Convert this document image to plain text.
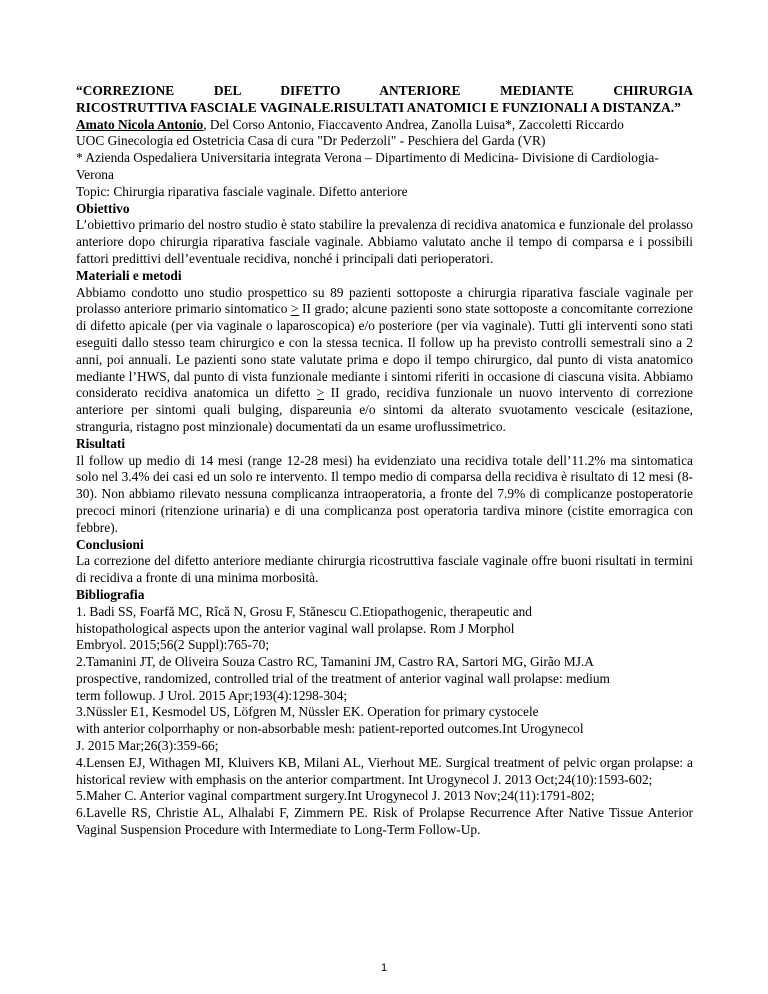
“CORREZIONE DEL DIFETTO ANTERIORE MEDIANTE CHIRURGIA
RICOSTRUTTIVA FASCIALE VAGINALE.RISULTATI ANATOMICI E FUNZIONALI A DISTANZA.”

Amato Nicola Antonio, Del Corso Antonio, Fiaccavento Andrea, Zanolla Luisa*, Zaccoletti Riccardo

UOC Ginecologia ed Ostetricia Casa di cura "Dr Pederzoli" - Peschiera del Garda (VR)

* Azienda Ospedaliera Universitaria integrata Verona – Dipartimento di Medicina- Divisione di Cardiologia- Verona

Topic: Chirurgia riparativa fasciale vaginale. Difetto anteriore

Obiettivo

L’obiettivo primario del nostro studio è stato stabilire la prevalenza di recidiva anatomica e funzionale del prolasso anteriore dopo chirurgia riparativa fasciale vaginale. Abbiamo valutato anche il tempo di comparsa e i possibili fattori predittivi dell’eventuale recidiva, nonché i principali dati perioperatori.

Materiali e metodi

Abbiamo condotto uno studio prospettico su 89 pazienti sottoposte a chirurgia riparativa fasciale vaginale per prolasso anteriore primario sintomatico > II grado; alcune pazienti sono state sottoposte a concomitante correzione di difetto apicale (per via vaginale o laparoscopica) e/o posteriore (per via vaginale). Tutti gli interventi sono stati eseguiti dallo stesso team chirurgico e con la stessa tecnica. Il follow up ha previsto controlli semestrali sino a 2 anni, poi annuali. Le pazienti sono state valutate prima e dopo il tempo chirurgico, dal punto di vista anatomico mediante l’HWS, dal punto di vista funzionale mediante i sintomi riferiti in occasione di ciascuna visita. Abbiamo considerato recidiva anatomica un difetto > II grado, recidiva funzionale un nuovo intervento di correzione anteriore per sintomi quali bulging, dispareunia e/o sintomi da alterato svuotamento vescicale (esitazione, stranguria, ristagno post minzionale) documentati da un esame uroflussimetrico.

Risultati

Il follow up medio di 14 mesi (range 12-28 mesi) ha evidenziato una recidiva totale dell’11.2% ma sintomatica solo nel 3.4% dei casi ed un solo re intervento. Il tempo medio di comparsa della recidiva è risultato di 12 mesi (8-30). Non abbiamo rilevato nessuna complicanza intraoperatoria, a fronte del 7.9% di complicanze postoperatorie precoci minori (ritenzione urinaria) e di una complicanza post operatoria tardiva minore (cistite emorragica con febbre).

Conclusioni

La correzione del difetto anteriore mediante chirurgia ricostruttiva fasciale vaginale offre buoni risultati in termini di recidiva a fronte di una minima morbosità.

Bibliografia

1. Badi SS, Foarfă MC, Rîcă N, Grosu F, Stănescu C.Etiopathogenic, therapeutic and
histopathological aspects upon the anterior vaginal wall prolapse. Rom J Morphol
Embryol. 2015;56(2 Suppl):765-70;
2.Tamanini JT, de Oliveira Souza Castro RC, Tamanini JM, Castro RA, Sartori MG, Girão MJ.A
prospective, randomized, controlled trial of the treatment of anterior vaginal wall prolapse: medium
term followup. J Urol. 2015 Apr;193(4):1298-304;
3.Nüssler E1, Kesmodel US, Löfgren M, Nüssler EK. Operation for primary cystocele
with anterior colporrhaphy or non-absorbable mesh: patient-reported outcomes.Int Urogynecol
J. 2015 Mar;26(3):359-66;
4.Lensen EJ, Withagen MI, Kluivers KB, Milani AL, Vierhout ME. Surgical treatment of pelvic organ prolapse: a historical review with emphasis on the anterior compartment. Int Urogynecol J. 2013 Oct;24(10):1593-602;
5.Maher C. Anterior vaginal compartment surgery.Int Urogynecol J. 2013 Nov;24(11):1791-802;
6.Lavelle RS, Christie AL, Alhalabi F, Zimmern PE. Risk of Prolapse Recurrence After Native Tissue Anterior Vaginal Suspension Procedure with Intermediate to Long-Term Follow-Up.
1
